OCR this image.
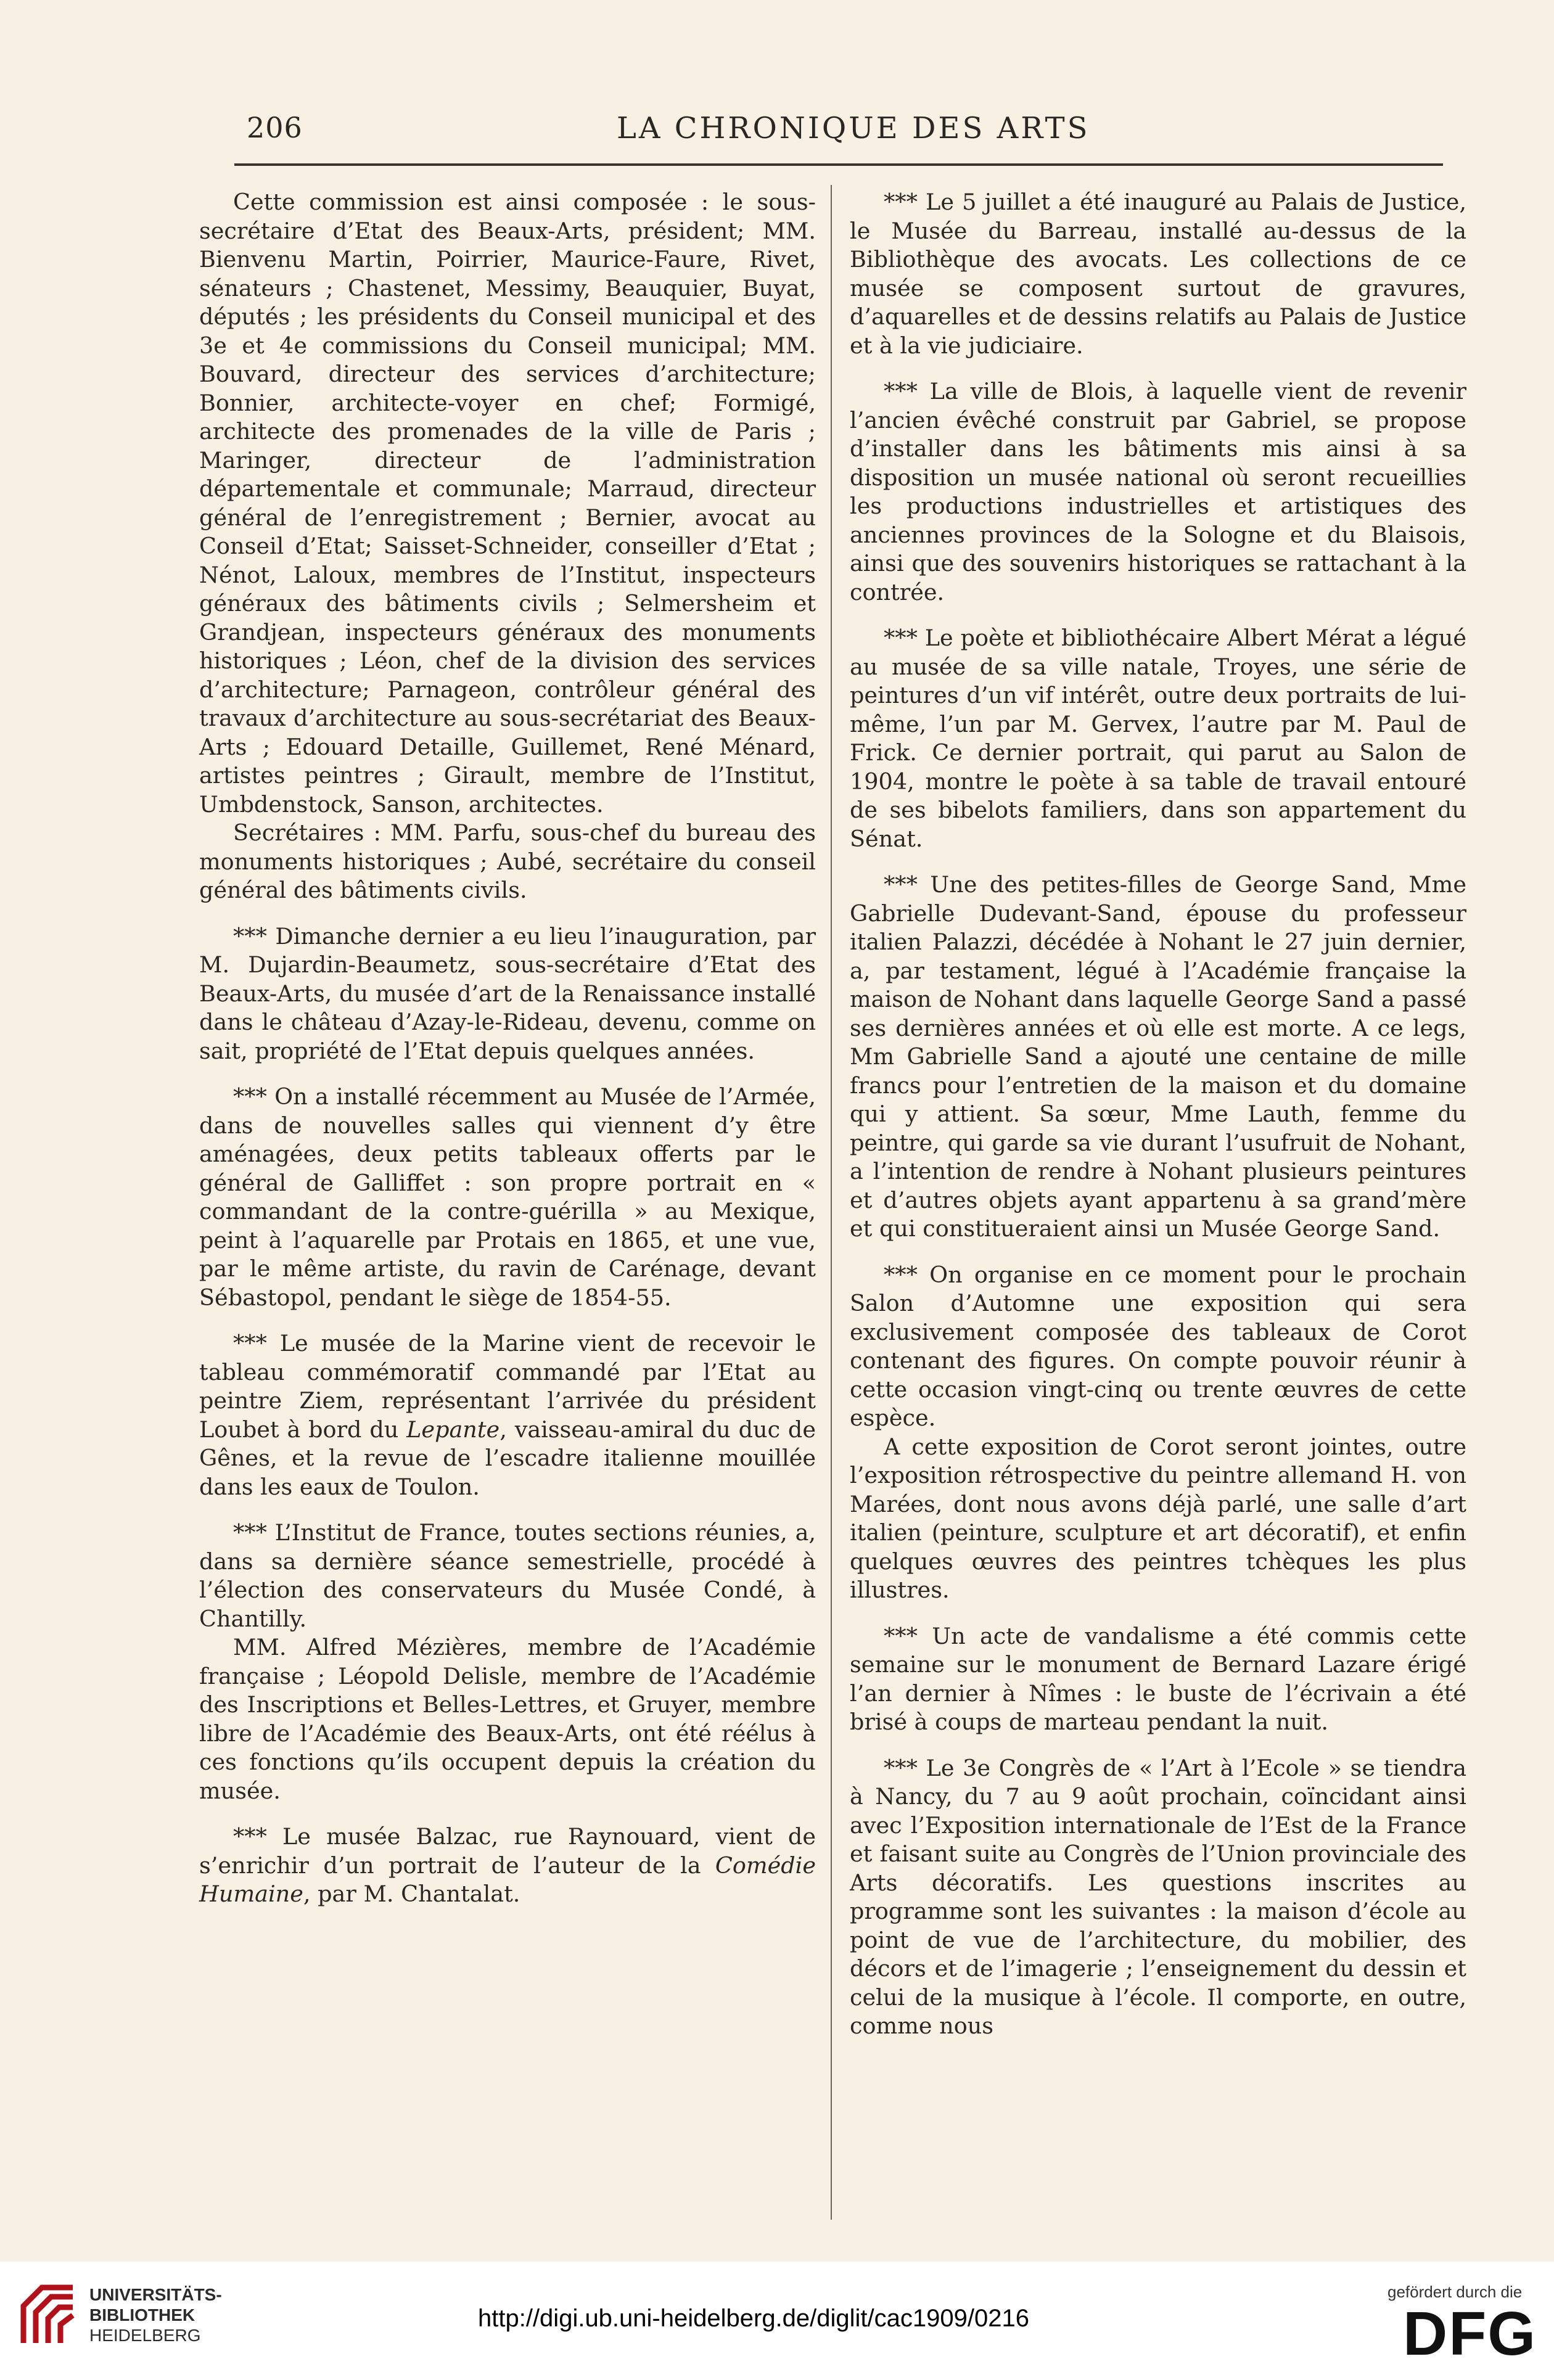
206	LA CHRONIQUE DES ARTS

Cette commission est ainsi composée : le sous-secrétaire d’Etat des Beaux-Arts, président; MM. Bienvenu Martin, Poirrier, Maurice-Faure, Rivet, sénateurs ; Chastenet, Messimy, Beauquier, Buyat, députés ; les présidents du Conseil municipal et des 3e et 4e commissions du Conseil municipal; MM. Bouvard, directeur des services d’architecture; Bonnier, architecte-voyer en chef; Formigé, architecte des promenades de la ville de Paris ; Maringer, directeur de l’administration départementale et communale; Marraud, directeur général de l’enregistrement ; Bernier, avocat au Conseil d’Etat; Saisset-Schneider, conseiller d’Etat ; Nénot, Laloux, membres de l’Institut, inspecteurs généraux des bâtiments civils ; Selmersheim et Grandjean, inspecteurs généraux des monuments historiques ; Léon, chef de la division des services d’architecture; Parnageon, contrôleur général des travaux d’architecture au sous-secrétariat des Beaux-Arts ; Edouard Detaille, Guillemet, René Ménard, artistes peintres ; Girault, membre de l’Institut, Umbdenstock, Sanson, architectes.

Secrétaires : MM. Parfu, sous-chef du bureau des monuments historiques ; Aubé, secrétaire du conseil général des bâtiments civils.

*** Dimanche dernier a eu lieu l’inauguration, par M. Dujardin-Beaumetz, sous-secrétaire d’Etat des Beaux-Arts, du musée d’art de la Renaissance installé dans le château d’Azay-le-Rideau, devenu, comme on sait, propriété de l’Etat depuis quelques années.

*** On a installé récemment au Musée de l’Armée, dans de nouvelles salles qui viennent d’y être aménagées, deux petits tableaux offerts par le général de Galliffet : son propre portrait en « commandant de la contre-guérilla » au Mexique, peint à l’aquarelle par Protais en 1865, et une vue, par le même artiste, du ravin de Carénage, devant Sébastopol, pendant le siège de 1854-55.

*** Le musée de la Marine vient de recevoir le tableau commémoratif commandé par l’Etat au peintre Ziem, représentant l’arrivée du président Loubet à bord du Lepante, vaisseau-amiral du duc de Gênes, et la revue de l’escadre italienne mouillée dans les eaux de Toulon.

*** L’Institut de France, toutes sections réunies, a, dans sa dernière séance semestrielle, procédé à l’élection des conservateurs du Musée Condé, à Chantilly.

MM. Alfred Mézières, membre de l’Académie française ; Léopold Delisle, membre de l’Académie des Inscriptions et Belles-Lettres, et Gruyer, membre libre de l’Académie des Beaux-Arts, ont été réélus à ces fonctions qu’ils occupent depuis la création du musée.

*** Le musée Balzac, rue Raynouard, vient de s’enrichir d’un portrait de l’auteur de la Comédie Humaine, par M. Chantalat.

*** Le 5 juillet a été inauguré au Palais de Justice, le Musée du Barreau, installé au-dessus de la Bibliothèque des avocats. Les collections de ce musée se composent surtout de gravures, d’aquarelles et de dessins relatifs au Palais de Justice et à la vie judiciaire.

*** La ville de Blois, à laquelle vient de revenir l’ancien évêché construit par Gabriel, se propose d’installer dans les bâtiments mis ainsi à sa disposition un musée national où seront recueillies les productions industrielles et artistiques des anciennes provinces de la Sologne et du Blaisois, ainsi que des souvenirs historiques se rattachant à la contrée.

*** Le poète et bibliothécaire Albert Mérat a légué au musée de sa ville natale, Troyes, une série de peintures d’un vif intérêt, outre deux portraits de lui-même, l’un par M. Gervex, l’autre par M. Paul de Frick. Ce dernier portrait, qui parut au Salon de 1904, montre le poète à sa table de travail entouré de ses bibelots familiers, dans son appartement du Sénat.

*** Une des petites-filles de George Sand, Mme Gabrielle Dudevant-Sand, épouse du professeur italien Palazzi, décédée à Nohant le 27 juin dernier, a, par testament, légué à l’Académie française la maison de Nohant dans laquelle George Sand a passé ses dernières années et où elle est morte. A ce legs, Mm Gabrielle Sand a ajouté une centaine de mille francs pour l’entretien de la maison et du domaine qui y attient. Sa sœur, Mme Lauth, femme du peintre, qui garde sa vie durant l’usufruit de Nohant, a l’intention de rendre à Nohant plusieurs peintures et d’autres objets ayant appartenu à sa grand’mère et qui constitueraient ainsi un Musée George Sand.

*** On organise en ce moment pour le prochain Salon d’Automne une exposition qui sera exclusivement composée des tableaux de Corot contenant des figures. On compte pouvoir réunir à cette occasion vingt-cinq ou trente œuvres de cette espèce.

A cette exposition de Corot seront jointes, outre l’exposition rétrospective du peintre allemand H. von Marées, dont nous avons déjà parlé, une salle d’art italien (peinture, sculpture et art décoratif), et enfin quelques œuvres des peintres tchèques les plus illustres.

*** Un acte de vandalisme a été commis cette semaine sur le monument de Bernard Lazare érigé l’an dernier à Nîmes : le buste de l’écrivain a été brisé à coups de marteau pendant la nuit.

*** Le 3e Congrès de « l’Art à l’Ecole » se tiendra à Nancy, du 7 au 9 août prochain, coïncidant ainsi avec l’Exposition internationale de l’Est de la France et faisant suite au Congrès de l’Union provinciale des Arts décoratifs. Les questions inscrites au programme sont les suivantes : la maison d’école au point de vue de l’architecture, du mobilier, des décors et de l’imagerie ; l’enseignement du dessin et celui de la musique à l’école. Il comporte, en outre, comme nous

UNIVERSITÄTS-
BIBLIOTHEK
HEIDELBERG
http://digi.ub.uni-heidelberg.de/diglit/cac1909/0216
gefördert durch die
DFG
